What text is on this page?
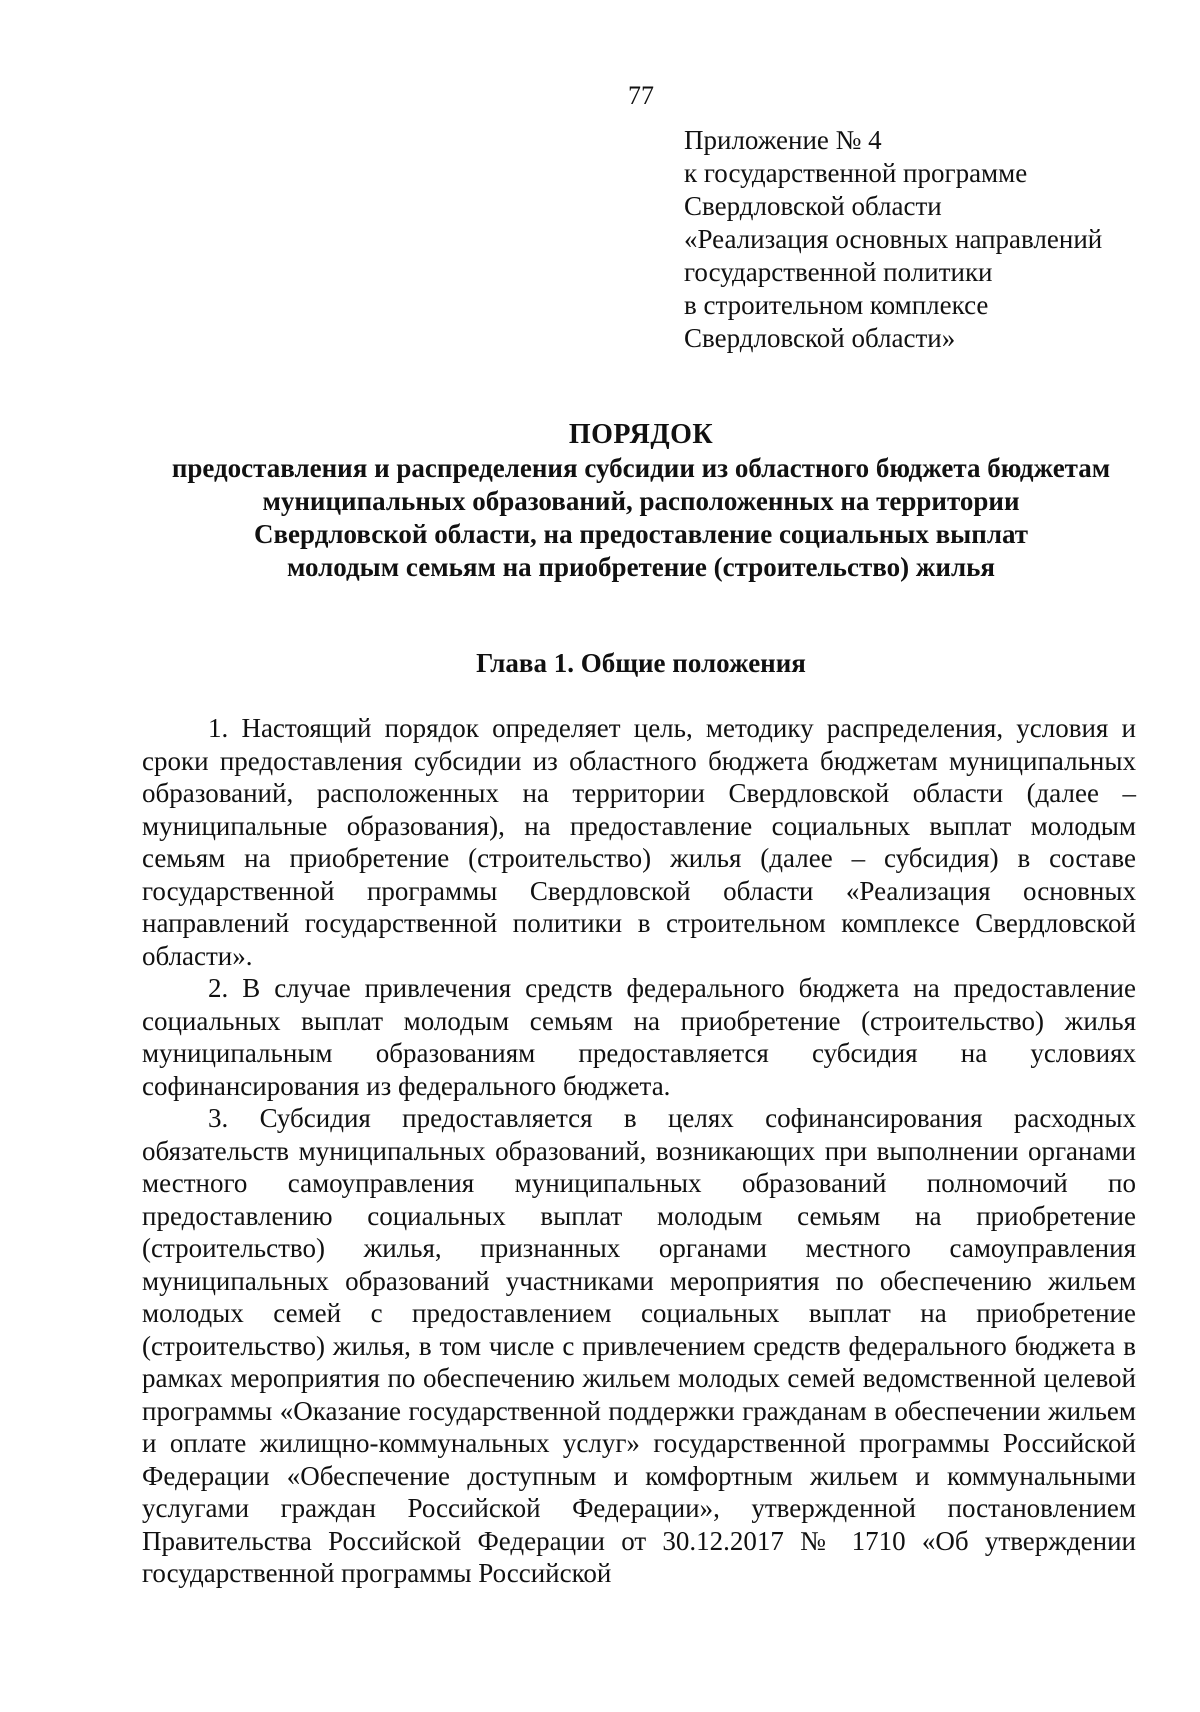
77
Приложение № 4
к государственной программе
Свердловской области
«Реализация основных направлений
государственной политики
в строительном комплексе
Свердловской области»
ПОРЯДОК
предоставления и распределения субсидии из областного бюджета бюджетам
муниципальных образований, расположенных на территории
Свердловской области, на предоставление социальных выплат
молодым семьям на приобретение (строительство) жилья
Глава 1. Общие положения

1. Настоящий порядок определяет цель, методику распределения, условия и сроки предоставления субсидии из областного бюджета бюджетам муниципальных образований, расположенных на территории Свердловской области (далее – муниципальные образования), на предоставление социальных выплат молодым семьям на приобретение (строительство) жилья (далее – субсидия) в составе государственной программы Свердловской области «Реализация основных направлений государственной политики в строительном комплексе Свердловской области».

2. В случае привлечения средств федерального бюджета на предоставление социальных выплат молодым семьям на приобретение (строительство) жилья муниципальным образованиям предоставляется субсидия на условиях софинансирования из федерального бюджета.

3. Субсидия предоставляется в целях софинансирования расходных обязательств муниципальных образований, возникающих при выполнении органами местного самоуправления муниципальных образований полномочий по предоставлению социальных выплат молодым семьям на приобретение (строительство) жилья, признанных органами местного самоуправления муниципальных образований участниками мероприятия по обеспечению жильем молодых семей с предоставлением социальных выплат на приобретение (строительство) жилья, в том числе с привлечением средств федерального бюджета в рамках мероприятия по обеспечению жильем молодых семей ведомственной целевой программы «Оказание государственной поддержки гражданам в обеспечении жильем и оплате жилищно-коммунальных услуг» государственной программы Российской Федерации «Обеспечение доступным и комфортным жильем и коммунальными услугами граждан Российской Федерации», утвержденной постановлением Правительства Российской Федерации от 30.12.2017 № 1710 «Об утверждении государственной программы Российской
